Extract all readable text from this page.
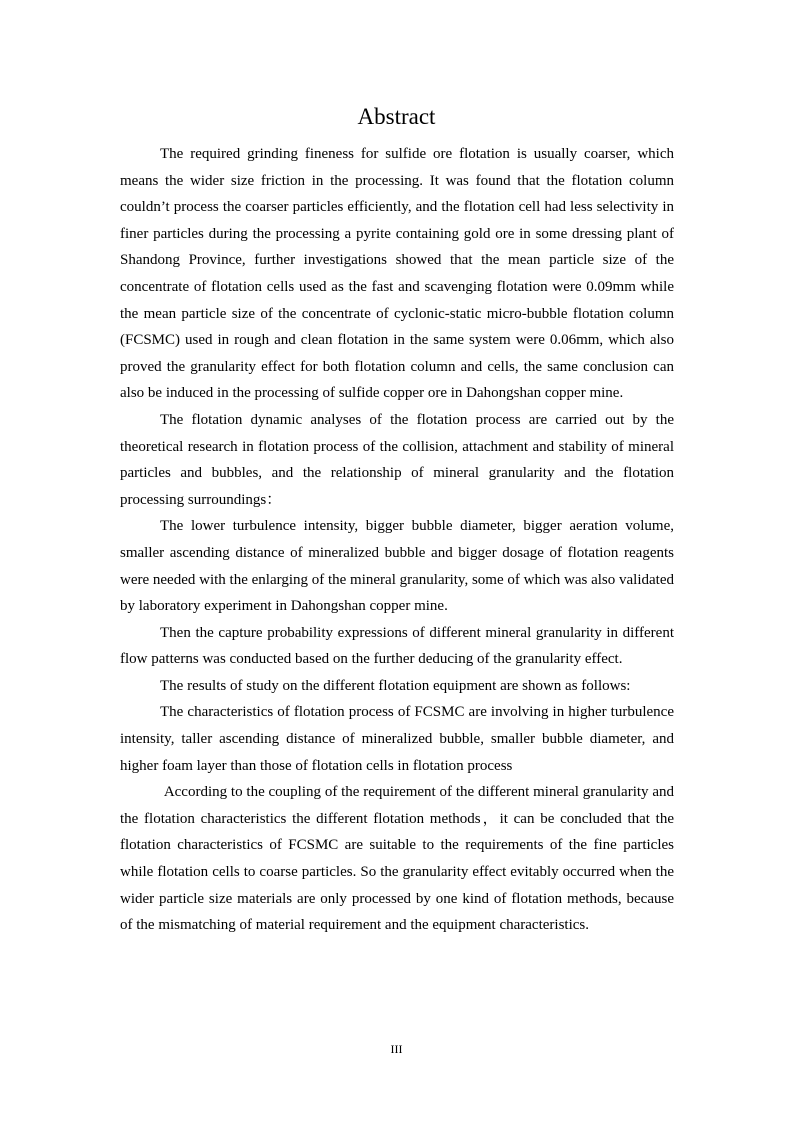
Abstract

The required grinding fineness for sulfide ore flotation is usually coarser, which means the wider size friction in the processing. It was found that the flotation column couldn’t process the coarser particles efficiently, and the flotation cell had less selectivity in finer particles during the processing a pyrite containing gold ore in some dressing plant of Shandong Province, further investigations showed that the mean particle size of the concentrate of flotation cells used as the fast and scavenging flotation were 0.09mm while the mean particle size of the concentrate of cyclonic-static micro-bubble flotation column (FCSMC) used in rough and clean flotation in the same system were 0.06mm, which also proved the granularity effect for both flotation column and cells, the same conclusion can also be induced in the processing of sulfide copper ore in Dahongshan copper mine.

The flotation dynamic analyses of the flotation process are carried out by the theoretical research in flotation process of the collision, attachment and stability of mineral particles and bubbles, and the relationship of mineral granularity and the flotation processing surroundings：

The lower turbulence intensity, bigger bubble diameter, bigger aeration volume, smaller ascending distance of mineralized bubble and bigger dosage of flotation reagents were needed with the enlarging of the mineral granularity, some of which was also validated by laboratory experiment in Dahongshan copper mine.

Then the capture probability expressions of different mineral granularity in different flow patterns was conducted based on the further deducing of the granularity effect.

The results of study on the different flotation equipment are shown as follows:

The characteristics of flotation process of FCSMC are involving in higher turbulence intensity, taller ascending distance of mineralized bubble, smaller bubble diameter, and higher foam layer than those of flotation cells in flotation process

According to the coupling of the requirement of the different mineral granularity and the flotation characteristics the different flotation methods，it can be concluded that the flotation characteristics of FCSMC are suitable to the requirements of the fine particles while flotation cells to coarse particles. So the granularity effect evitably occurred when the wider particle size materials are only processed by one kind of flotation methods, because of the mismatching of material requirement and the equipment characteristics.

III
